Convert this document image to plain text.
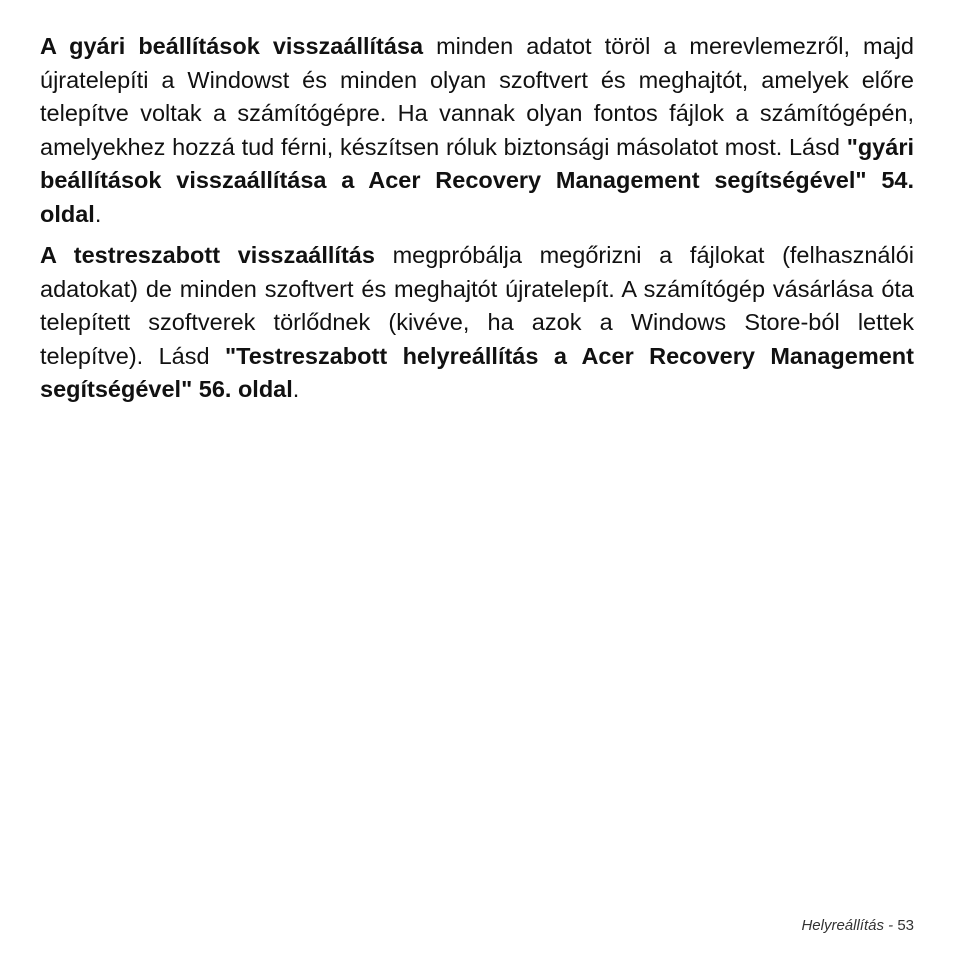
A gyári beállítások visszaállítása minden adatot töröl a merevlemezről, majd újratelepíti a Windowst és minden olyan szoftvert és meghajtót, amelyek előre telepítve voltak a számítógépre. Ha vannak olyan fontos fájlok a számítógépén, amelyekhez hozzá tud férni, készítsen róluk biztonsági másolatot most. Lásd "gyári beállítások visszaállítása a Acer Recovery Management segítségével" 54. oldal.

A testreszabott visszaállítás megpróbálja megőrizni a fájlokat (felhasználói adatokat) de minden szoftvert és meghajtót újratelepít. A számítógép vásárlása óta telepített szoftverek törlődnek (kivéve, ha azok a Windows Store-ból lettek telepítve). Lásd "Testreszabott helyreállítás a Acer Recovery Management segítségével" 56. oldal.

Helyreállítás - 53
